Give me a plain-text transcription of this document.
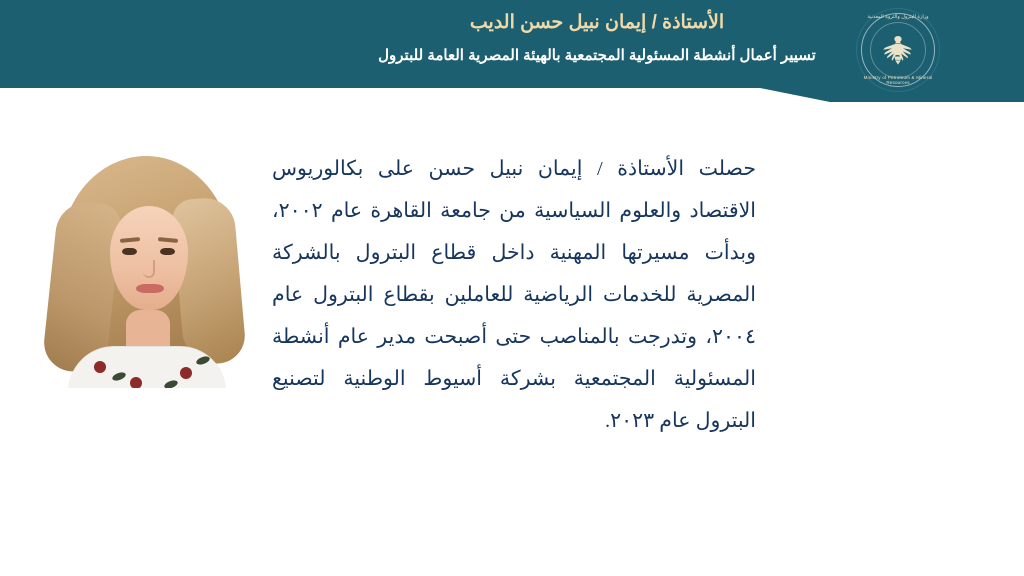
الأستاذة / إيمان نبيل حسن الديب
تسيير أعمال أنشطة المسئولية المجتمعية بالهيئة المصرية العامة للبترول
وزارة البترول والثروة المعدنية
Ministry of Petroleum & Mineral Resources

حصلت الأستاذة / إيمان نبيل حسن على بكالوريوس الاقتصاد والعلوم السياسية من جامعة القاهرة عام ٢٠٠٢، وبدأت مسيرتها المهنية داخل قطاع البترول بالشركة المصرية للخدمات الرياضية للعاملين بقطاع البترول عام ٢٠٠٤، وتدرجت بالمناصب حتى أصبحت مدير عام أنشطة المسئولية المجتمعية بشركة أسيوط الوطنية لتصنيع البترول عام ٢٠٢٣.
